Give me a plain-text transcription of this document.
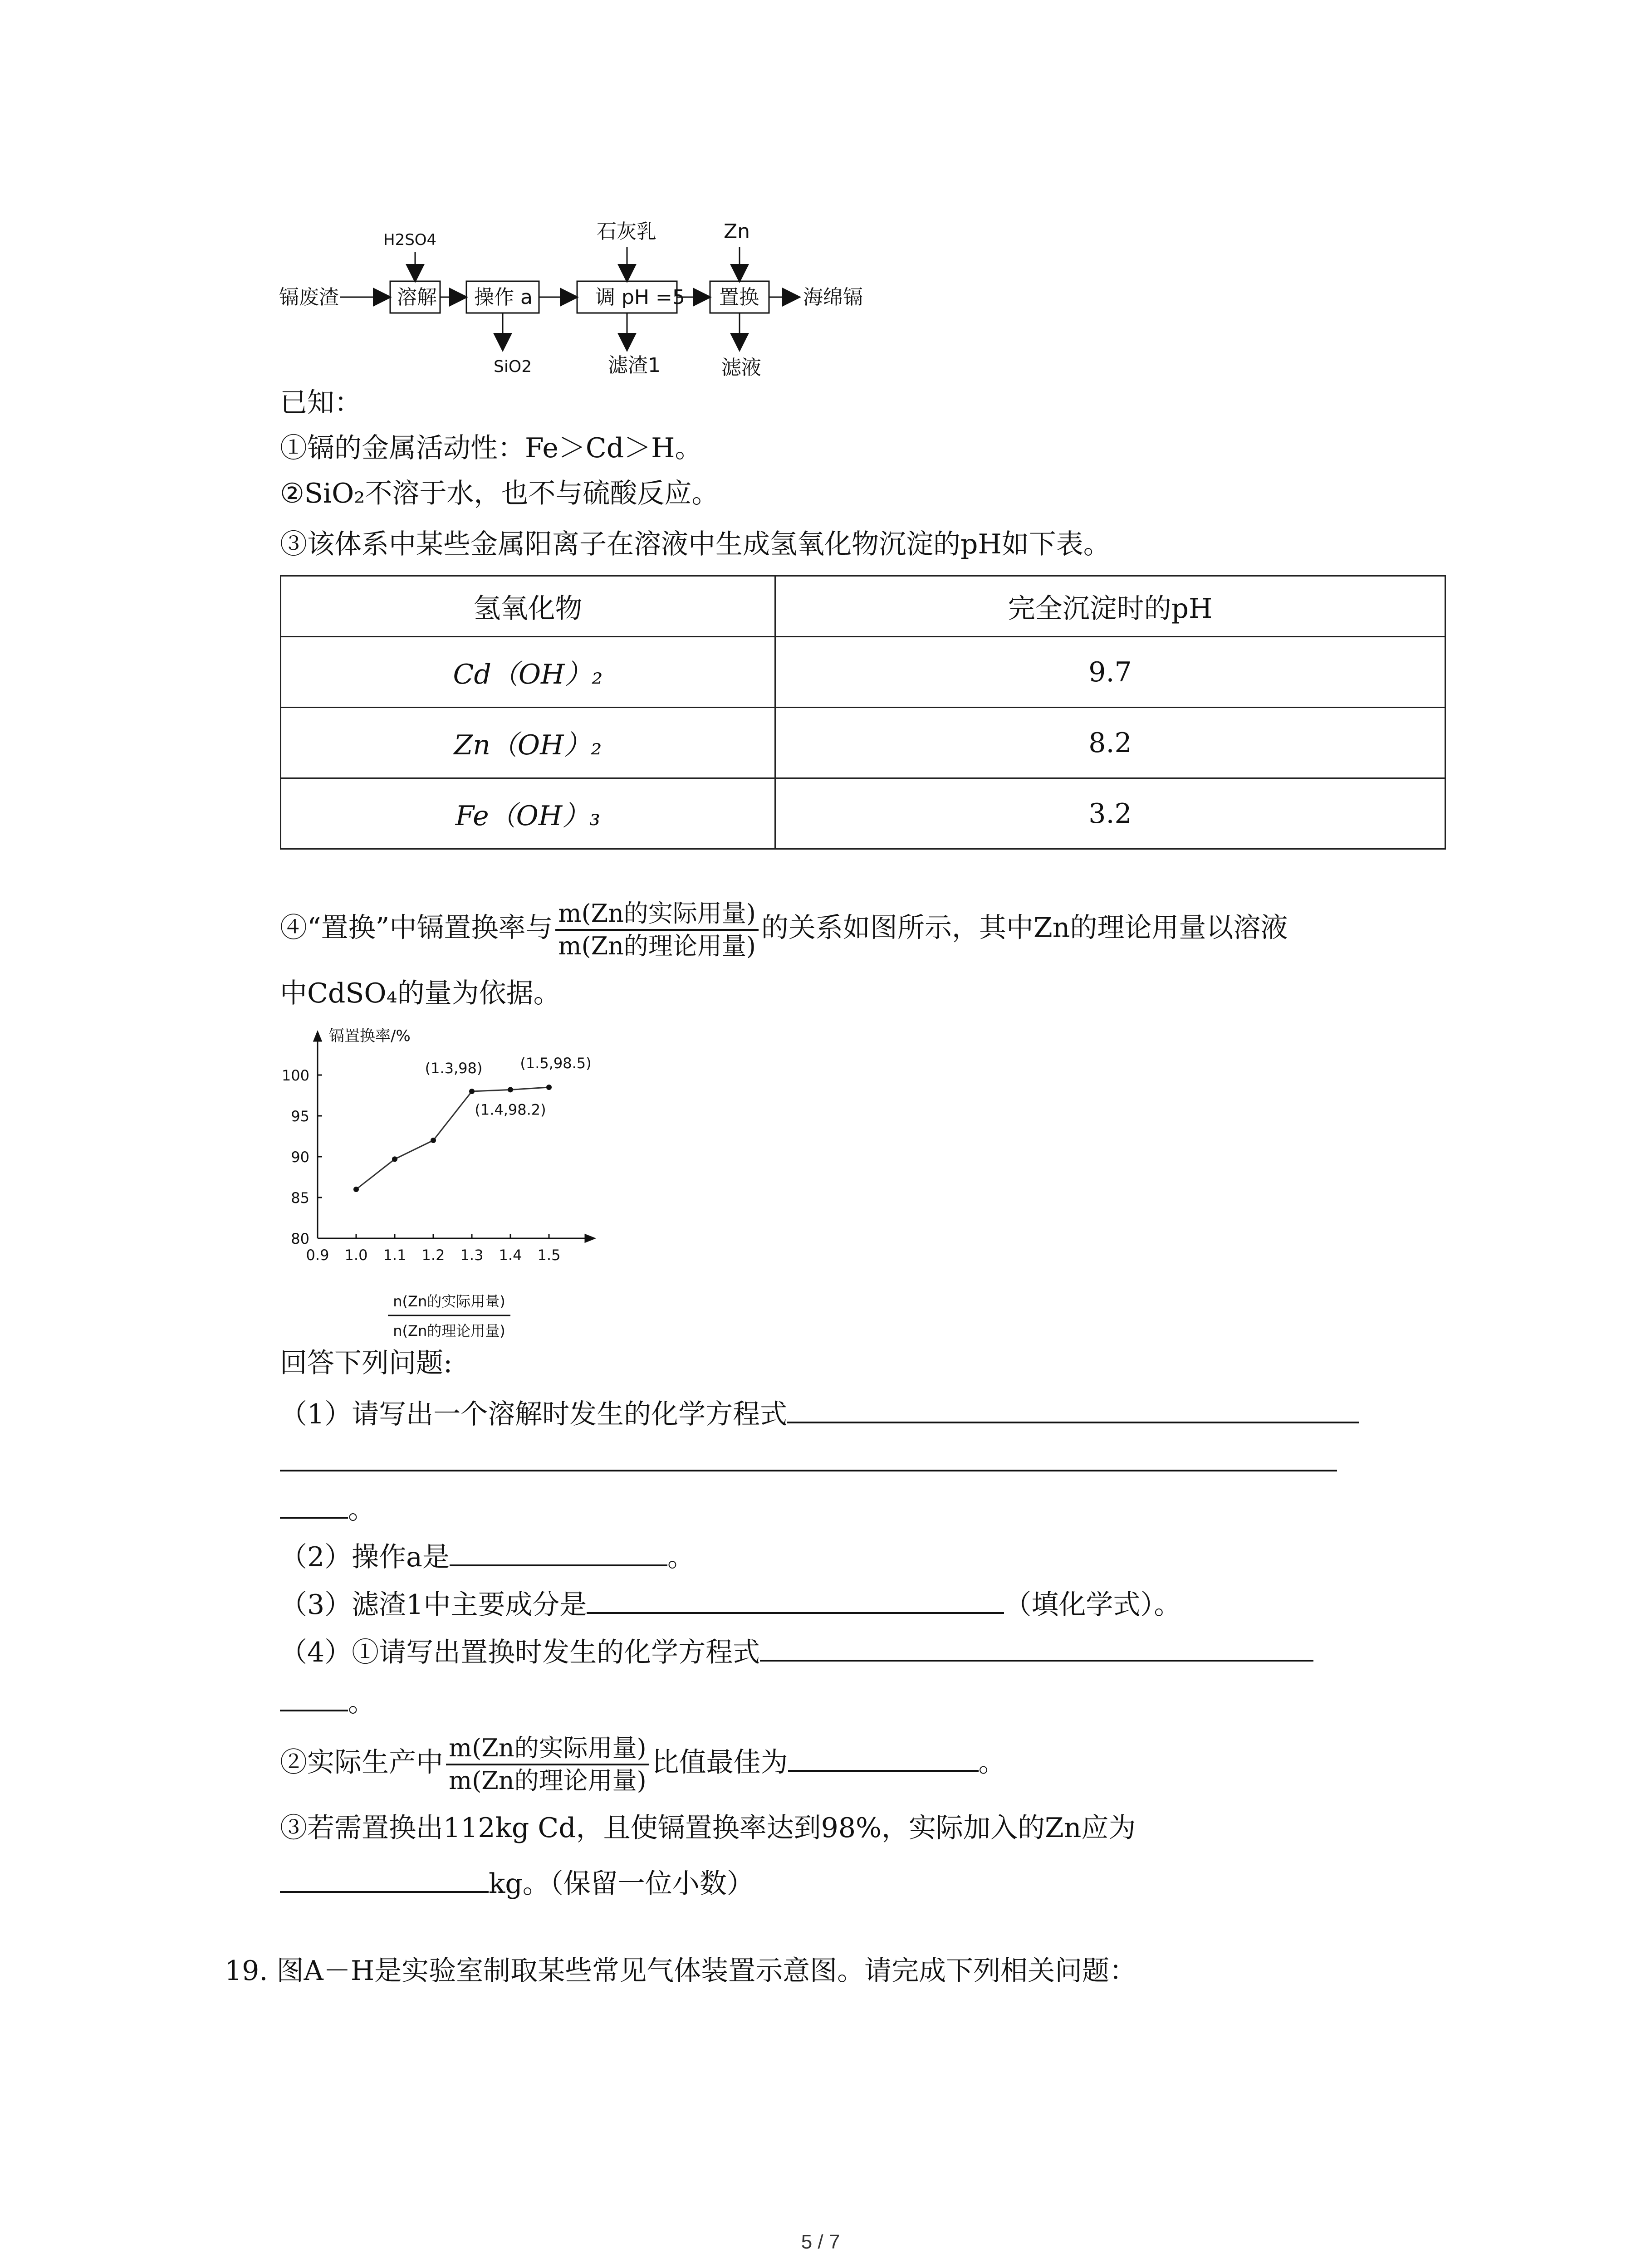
镉废渣	海绵镉
溶解 操作 a	调 pH =5 置换
H2SO4	石灰乳	Zn
SiO2	滤渣1	滤液
已知：
①镉的金属活动性：Fe＞Cd＞H。
②SiO₂不溶于水，也不与硫酸反应。
③该体系中某些金属阳离子在溶液中生成氢氧化物沉淀的pH如下表。
氢氧化物	完全沉淀时的pH
Cd（OH）₂	9.7
Zn（OH）₂	8.2
Fe（OH）₃	3.2
④“置换”中镉置换率与 $\frac{\text{m(Zn的实际用量)}}{\text{m(Zn的理论用量)}}$ 的关系如图所示，其中Zn的理论用量以溶液
中CdSO₄的量为依据。
0.9 1.0 1.1 1.2 1.3 1.4 1.5
80
85
90
95
100	(1.3,98)
(1.4,98.2)
(1.5,98.5)
镉置换率/%
n(Zn的实际用量)
n(Zn的理论用量)
回答下列问题:
（1）请写出一个溶解时发生的化学方程式
。
（2）操作a是	。
（3）滤渣1中主要成分是	（填化学式）。
（4）①请写出置换时发生的化学方程式
。
②实际生产中 $\frac{\text{m(Zn的实际用量)}}{\text{m(Zn的理论用量)}}$ 比值最佳为	。
③若需置换出112kg Cd，且使镉置换率达到98%，实际加入的Zn应为
kg。（保留一位小数）
19. 图A－H是实验室制取某些常见气体装置示意图。请完成下列相关问题：
5 / 7
